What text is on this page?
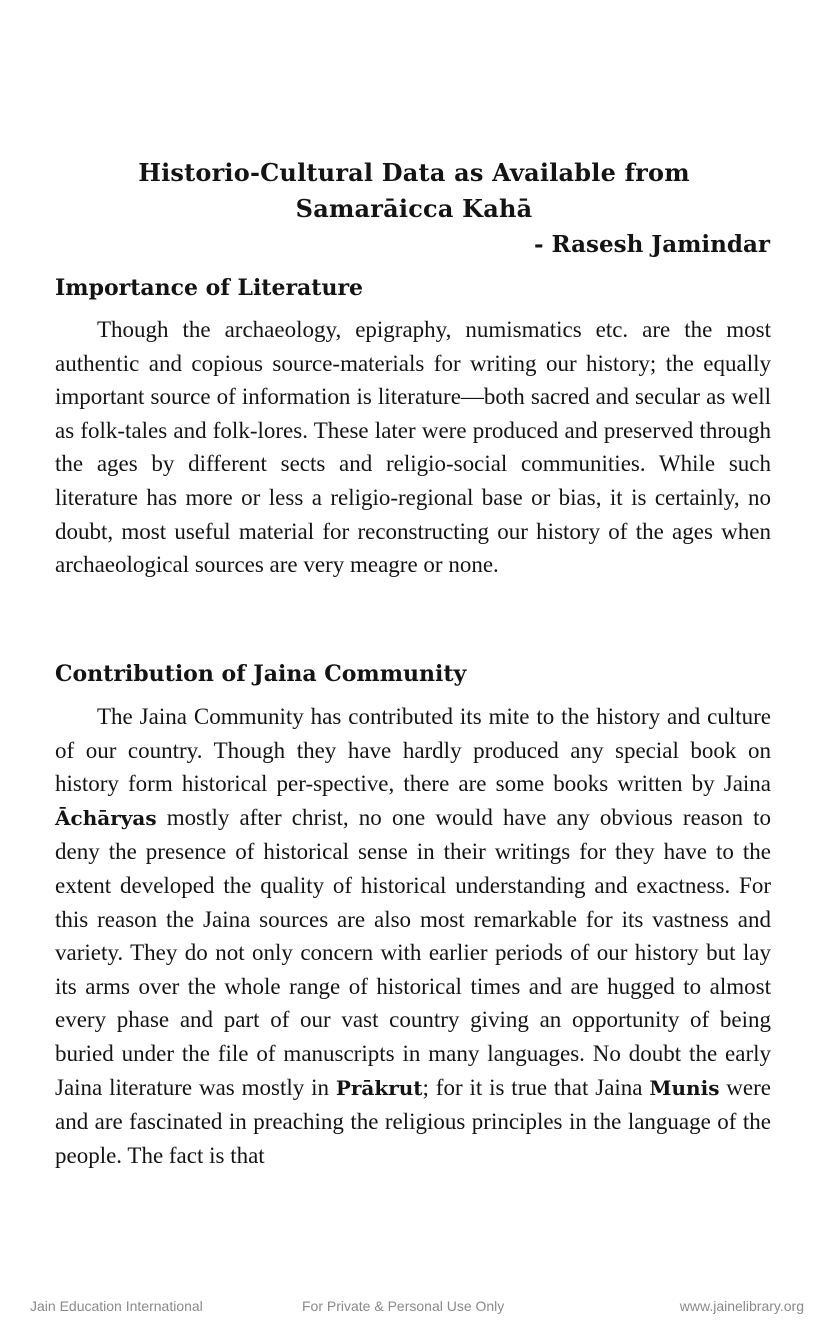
Historio-Cultural Data as Available from
Samarāicca Kahā
- Rasesh Jamindar
Importance of Literature
Though the archaeology, epigraphy, numismatics etc. are the most authentic and copious source-materials for writing our history; the equally important source of information is literature—both sacred and secular as well as folk-tales and folk-lores. These later were produced and preserved through the ages by different sects and religio-social communities. While such literature has more or less a religio-regional base or bias, it is certainly, no doubt, most useful material for reconstructing our history of the ages when archaeological sources are very meagre or none.
Contribution of Jaina Community
The Jaina Community has contributed its mite to the history and culture of our country. Though they have hardly produced any special book on history form historical per-spective, there are some books written by Jaina Āchāryas mostly after christ, no one would have any obvious reason to deny the presence of historical sense in their writings for they have to the extent developed the quality of historical understanding and exactness. For this reason the Jaina sources are also most remarkable for its vastness and variety. They do not only concern with earlier periods of our history but lay its arms over the whole range of historical times and are hugged to almost every phase and part of our vast country giving an opportunity of being buried under the file of manuscripts in many languages. No doubt the early Jaina literature was mostly in Prākrut; for it is true that Jaina Munis were and are fascinated in preaching the religious principles in the language of the people. The fact is that
Jain Education International	For Private & Personal Use Only	www.jainelibrary.org
